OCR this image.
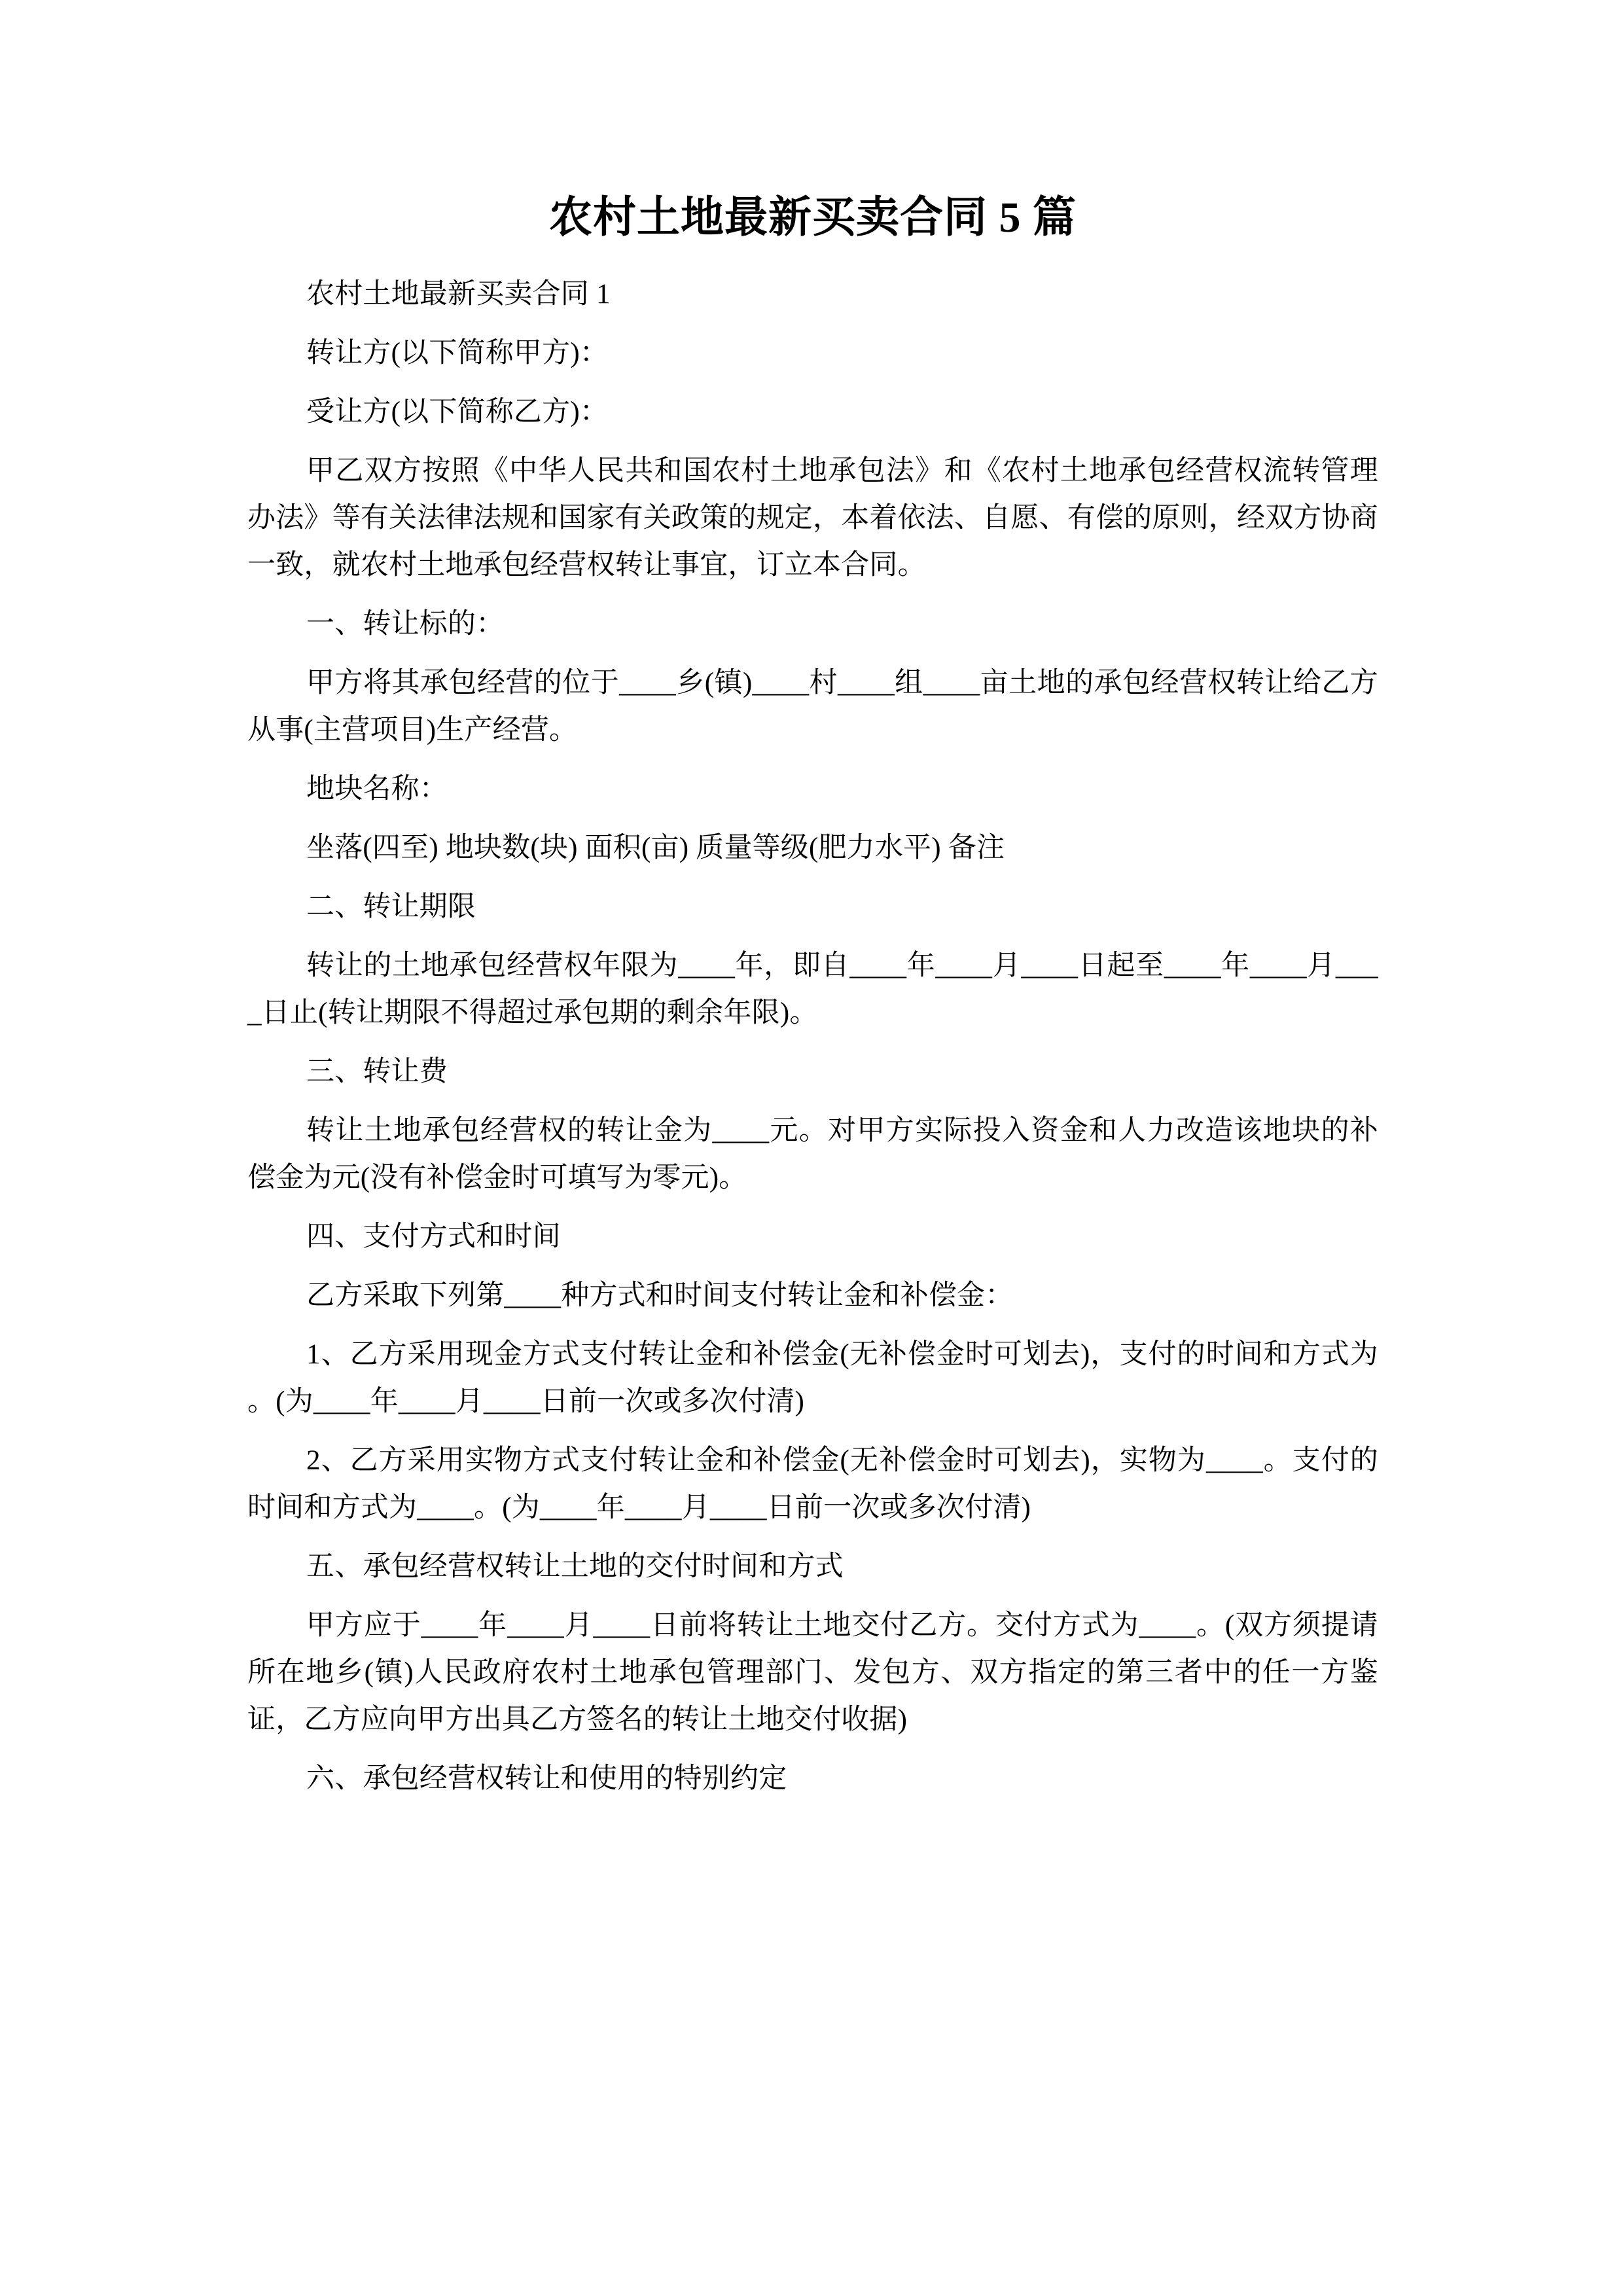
农村土地最新买卖合同 5 篇

农村土地最新买卖合同 1

转让方(以下简称甲方)：

受让方(以下简称乙方)：

甲乙双方按照《中华人民共和国农村土地承包法》和《农村土地承包经营权流转管理办法》等有关法律法规和国家有关政策的规定，本着依法、自愿、有偿的原则，经双方协商一致，就农村土地承包经营权转让事宜，订立本合同。

一、转让标的：

甲方将其承包经营的位于____乡(镇)____村____组____亩土地的承包经营权转让给乙方从事(主营项目)生产经营。

地块名称：

坐落(四至) 地块数(块) 面积(亩) 质量等级(肥力水平) 备注

二、转让期限

转让的土地承包经营权年限为____年，即自____年____月____日起至____年____月____日止(转让期限不得超过承包期的剩余年限)。

三、转让费

转让土地承包经营权的转让金为____元。对甲方实际投入资金和人力改造该地块的补偿金为元(没有补偿金时可填写为零元)。

四、支付方式和时间

乙方采取下列第____种方式和时间支付转让金和补偿金：

1、乙方采用现金方式支付转让金和补偿金(无补偿金时可划去)，支付的时间和方式为 。(为____年____月____日前一次或多次付清)

2、乙方采用实物方式支付转让金和补偿金(无补偿金时可划去)，实物为____。支付的时间和方式为____。(为____年____月____日前一次或多次付清)

五、承包经营权转让土地的交付时间和方式

甲方应于____年____月____日前将转让土地交付乙方。交付方式为____。(双方须提请所在地乡(镇)人民政府农村土地承包管理部门、发包方、双方指定的第三者中的任一方鉴证，乙方应向甲方出具乙方签名的转让土地交付收据)

六、承包经营权转让和使用的特别约定
